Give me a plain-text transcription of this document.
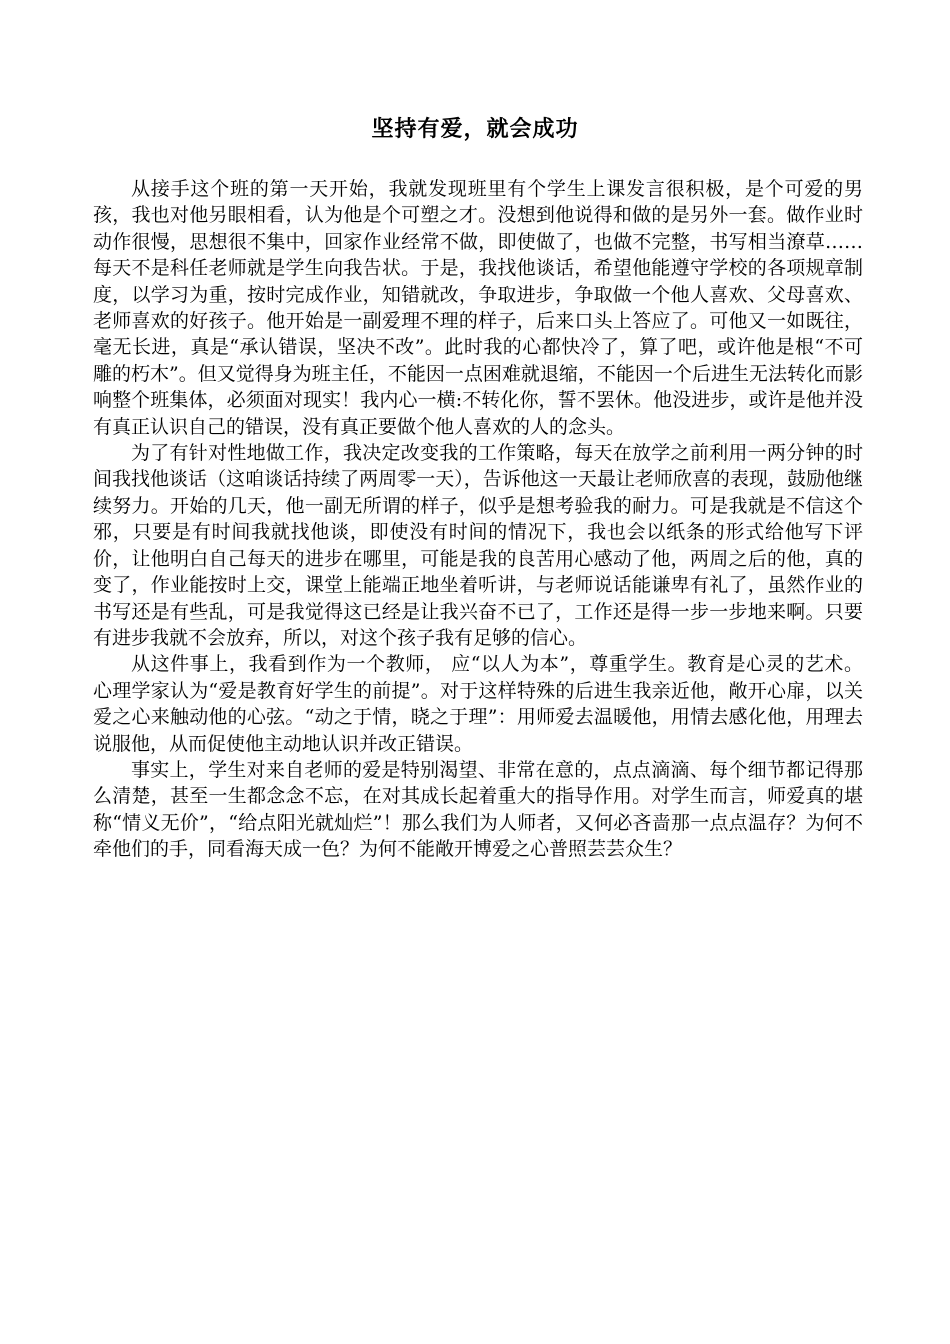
坚持有爱，就会成功

从接手这个班的第一天开始，我就发现班里有个学生上课发言很积极，是个可爱的男孩，我也对他另眼相看，认为他是个可塑之才。没想到他说得和做的是另外一套。做作业时动作很慢，思想很不集中，回家作业经常不做，即使做了，也做不完整，书写相当潦草……每天不是科任老师就是学生向我告状。于是，我找他谈话，希望他能遵守学校的各项规章制度，以学习为重，按时完成作业，知错就改，争取进步，争取做一个他人喜欢、父母喜欢、老师喜欢的好孩子。他开始是一副爱理不理的样子，后来口头上答应了。可他又一如既往，毫无长进，真是“承认错误，坚决不改”。此时我的心都快冷了，算了吧，或许他是根“不可雕的朽木”。但又觉得身为班主任，不能因一点困难就退缩，不能因一个后进生无法转化而影响整个班集体，必须面对现实！我内心一横:不转化你，誓不罢休。他没进步，或许是他并没有真正认识自己的错误，没有真正要做个他人喜欢的人的念头。

为了有针对性地做工作，我决定改变我的工作策略，每天在放学之前利用一两分钟的时间我找他谈话（这咱谈话持续了两周零一天），告诉他这一天最让老师欣喜的表现，鼓励他继续努力。开始的几天，他一副无所谓的样子，似乎是想考验我的耐力。可是我就是不信这个邪，只要是有时间我就找他谈，即使没有时间的情况下，我也会以纸条的形式给他写下评价，让他明白自己每天的进步在哪里，可能是我的良苦用心感动了他，两周之后的他，真的变了，作业能按时上交，课堂上能端正地坐着听讲，与老师说话能谦卑有礼了，虽然作业的书写还是有些乱，可是我觉得这已经是让我兴奋不已了，工作还是得一步一步地来啊。只要有进步我就不会放弃，所以，对这个孩子我有足够的信心。

从这件事上，我看到作为一个教师， 应“以人为本”，尊重学生。教育是心灵的艺术。 心理学家认为“爱是教育好学生的前提”。对于这样特殊的后进生我亲近他，敞开心扉，以关爱之心来触动他的心弦。“动之于情，晓之于理”：用师爱去温暖他，用情去感化他，用理去说服他，从而促使他主动地认识并改正错误。

事实上，学生对来自老师的爱是特别渴望、非常在意的，点点滴滴、每个细节都记得那么清楚，甚至一生都念念不忘，在对其成长起着重大的指导作用。对学生而言，师爱真的堪称“情义无价”，“给点阳光就灿烂”！那么我们为人师者，又何必吝啬那一点点温存？为何不牵他们的手，同看海天成一色？为何不能敞开博爱之心普照芸芸众生？
